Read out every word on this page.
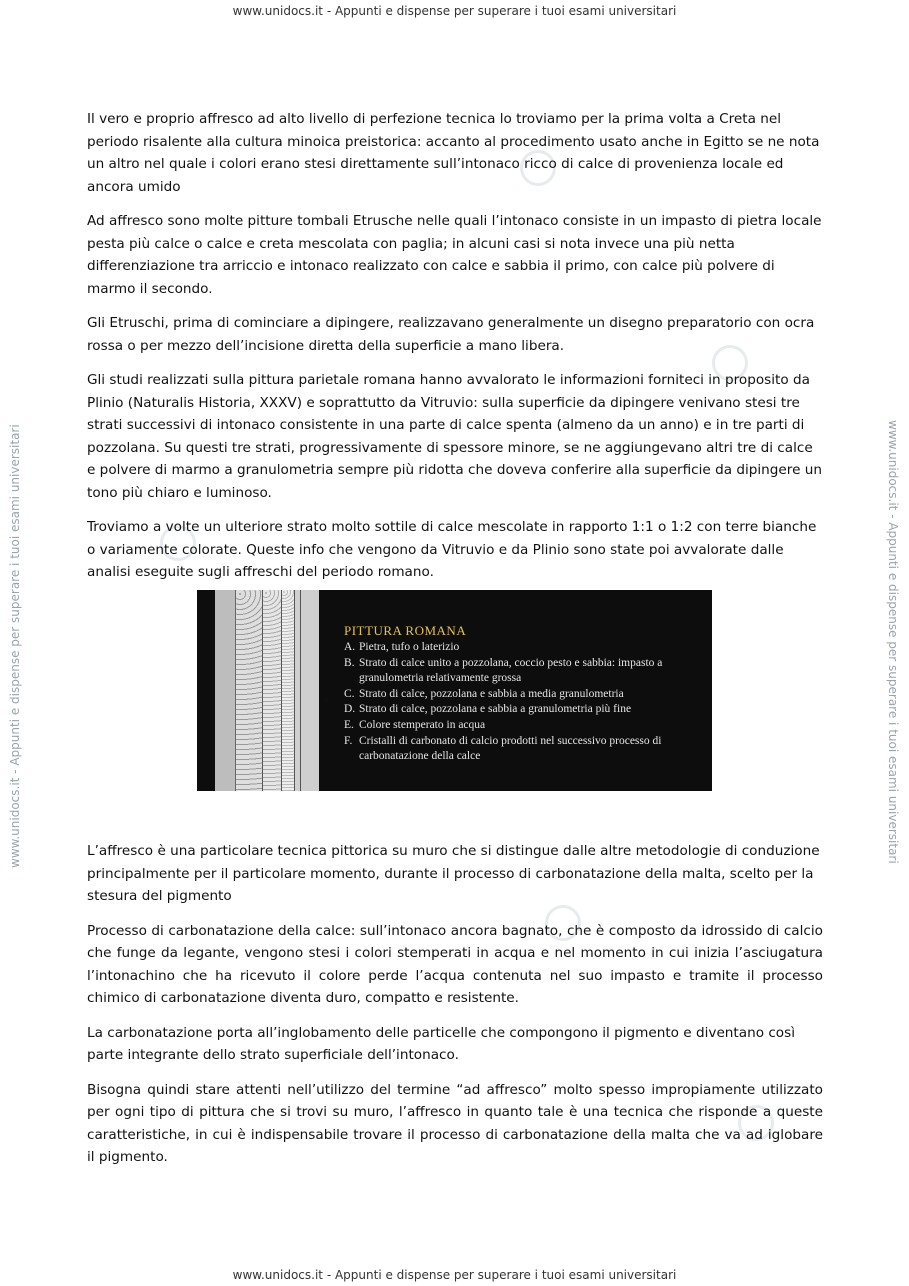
www.unidocs.it - Appunti e dispense per superare i tuoi esami universitari
www.unidocs.it - Appunti e dispense per superare i tuoi esami universitari	www.unidocs.it - Appunti e dispense per superare i tuoi esami universitari

Il vero e proprio affresco ad alto livello di perfezione tecnica lo troviamo per la prima volta a Creta nel periodo risalente alla cultura minoica preistorica: accanto al procedimento usato anche in Egitto se ne nota un altro nel quale i colori erano stesi direttamente sull’intonaco ricco di calce di provenienza locale ed ancora umido

Ad affresco sono molte pitture tombali Etrusche nelle quali l’intonaco consiste in un impasto di pietra locale pesta più calce o calce e creta mescolata con paglia; in alcuni casi si nota invece una più netta differenziazione tra arriccio e intonaco realizzato con calce e sabbia il primo, con calce più polvere di marmo il secondo.

Gli Etruschi, prima di cominciare a dipingere, realizzavano generalmente un disegno preparatorio con ocra rossa o per mezzo dell’incisione diretta della superficie a mano libera.

Gli studi realizzati sulla pittura parietale romana hanno avvalorato le informazioni forniteci in proposito da Plinio (Naturalis Historia, XXXV) e soprattutto da Vitruvio: sulla superficie da dipingere venivano stesi tre strati successivi di intonaco consistente in una parte di calce spenta (almeno da un anno) e in tre parti di pozzolana. Su questi tre strati, progressivamente di spessore minore, se ne aggiungevano altri tre di calce e polvere di marmo a granulometria sempre più ridotta che doveva conferire alla superficie da dipingere un tono più chiaro e luminoso.

Troviamo a volte un ulteriore strato molto sottile di calce mescolate in rapporto 1:1 o 1:2 con terre bianche o variamente colorate. Queste info che vengono da Vitruvio e da Plinio sono state poi avvalorate dalle analisi eseguite sugli affreschi del periodo romano.

A
B
C
D
E
F
PITTURA ROMANA
A. Pietra, tufo o laterizio
B. Strato di calce unito a pozzolana, coccio pesto e sabbia: impasto a granulometria relativamente grossa
C. Strato di calce, pozzolana e sabbia a media granulometria
D. Strato di calce, pozzolana e sabbia a granulometria più fine
E. Colore stemperato in acqua
F. Cristalli di carbonato di calcio prodotti nel successivo processo di carbonatazione della calce

L’affresco è una particolare tecnica pittorica su muro che si distingue dalle altre metodologie di conduzione principalmente per il particolare momento, durante il processo di carbonatazione della malta, scelto per la stesura del pigmento

Processo di carbonatazione della calce: sull’intonaco ancora bagnato, che è composto da idrossido di calcio che funge da legante, vengono stesi i colori stemperati in acqua e nel momento in cui inizia l’asciugatura l’intonachino che ha ricevuto il colore perde l’acqua contenuta nel suo impasto e tramite il processo chimico di carbonatazione diventa duro, compatto e resistente.

La carbonatazione porta all’inglobamento delle particelle che compongono il pigmento e diventano così parte integrante dello strato superficiale dell’intonaco.

Bisogna quindi stare attenti nell’utilizzo del termine “ad affresco” molto spesso impropiamente utilizzato per ogni tipo di pittura che si trovi su muro, l’affresco in quanto tale è una tecnica che risponde a queste caratteristiche, in cui è indispensabile trovare il processo di carbonatazione della malta che va ad iglobare il pigmento.

www.unidocs.it - Appunti e dispense per superare i tuoi esami universitari
